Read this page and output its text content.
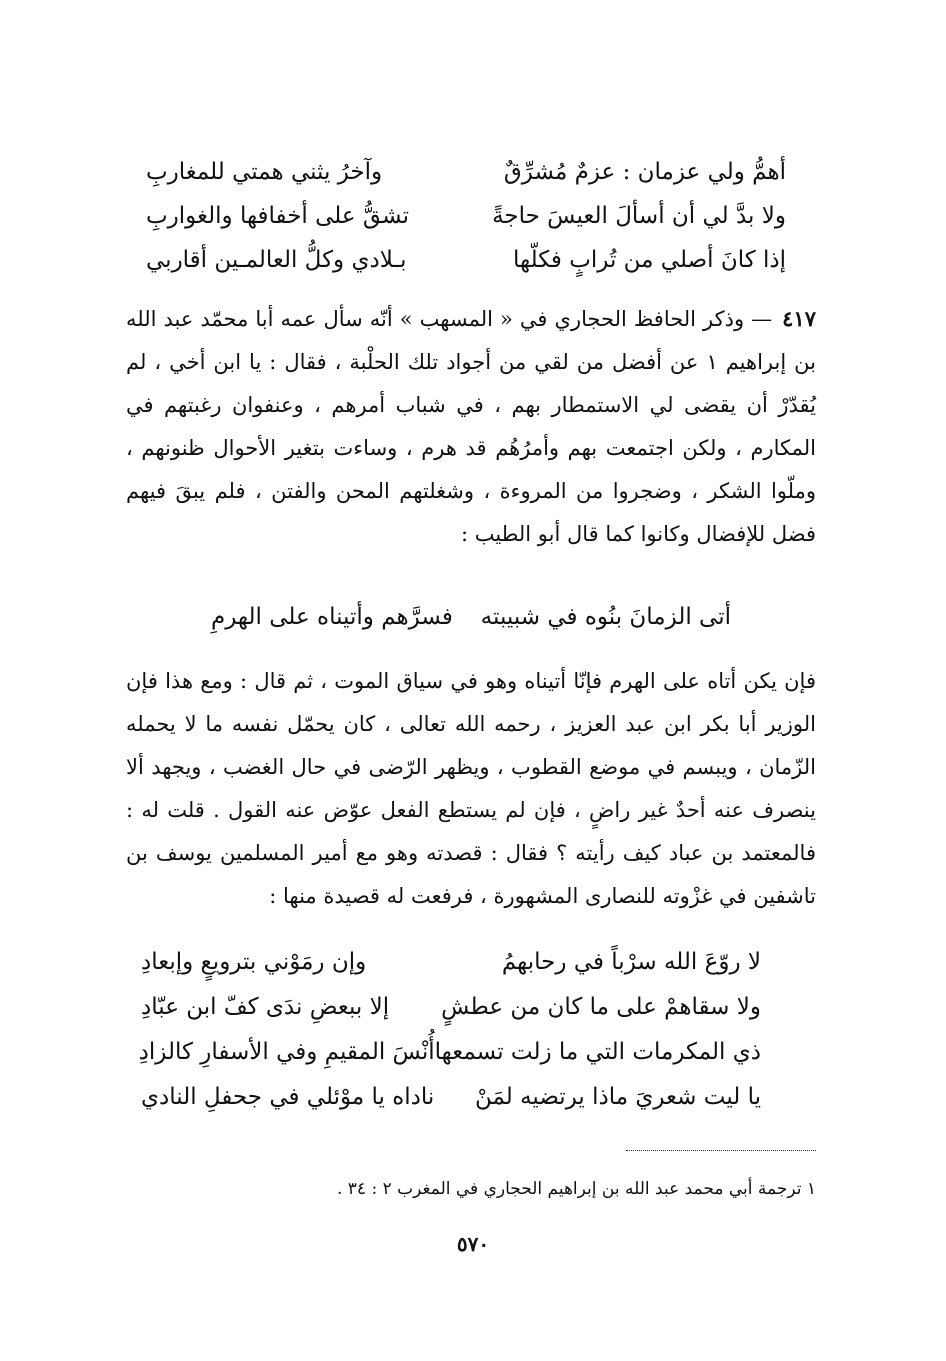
أهمُّ ولي عزمان : عزمٌ مُشرِّقٌ
وآخرُ يثني همتي للمغاربِ
ولا بدَّ لي أن أسألَ العيسَ حاجةً
تشقُّ على أخفافها والغواربِ
إذا كانَ أصلي من تُرابٍ فكلّها
بـلادي وكلُّ العالمـين أقاربي

٤١٧— وذكر الحافظ الحجاري في « المسهب » أنّه سأل عمه أبا محمّد عبد الله بن إبراهيم ١ عن أفضل من لقي من أجواد تلك الحلْبة ، فقال : يا ابن أخي ، لم يُقدّرْ أن يقضى لي الاستمطار بهم ، في شباب أمرهم ، وعنفوان رغبتهم في المكارم ، ولكن اجتمعت بهم وأمرُهُم قد هرم ، وساءت بتغير الأحوال ظنونهم ، وملّوا الشكر ، وضجروا من المروءة ، وشغلتهم المحن والفتن ، فلم يبقَ فيهم فضل للإفضال وكانوا كما قال أبو الطيب :

أتى الزمانَ بنُوه في شبيبته
فسرَّهم وأتيناه على الهرمِ

فإن يكن أتاه على الهرم فإنّا أتيناه وهو في سياق الموت ، ثم قال : ومع هذا فإن الوزير أبا بكر ابن عبد العزيز ، رحمه الله تعالى ، كان يحمّل نفسه ما لا يحمله الزّمان ، ويبسم في موضع القطوب ، ويظهر الرّضى في حال الغضب ، ويجهد ألا ينصرف عنه أحدٌ غير راضٍ ، فإن لم يستطع الفعل عوّض عنه القول . قلت له : فالمعتمد بن عباد كيف رأيته ؟ فقال : قصدته وهو مع أمير المسلمين يوسف بن تاشفين في غزْوته للنصارى المشهورة ، فرفعت له قصيدة منها :

لا روّعَ الله سرْباً في رحابهمُ
وإن رمَوْني بترويعٍ وإبعادِ
ولا سقاهمْ على ما كان من عطشٍ
إلا ببعضِ ندَى كفّ ابن عبّادِ
ذي المكرمات التي ما زلت تسمعها
أُنْسَ المقيمِ وفي الأسفارِ كالزادِ
يا ليت شعريَ ماذا يرتضيه لمَنْ
ناداه يا موْئلي في جحفلِ النادي
١ ترجمة أبي محمد عبد الله بن إبراهيم الحجاري في المغرب ٢ : ٣٤ .
٥٧٠
